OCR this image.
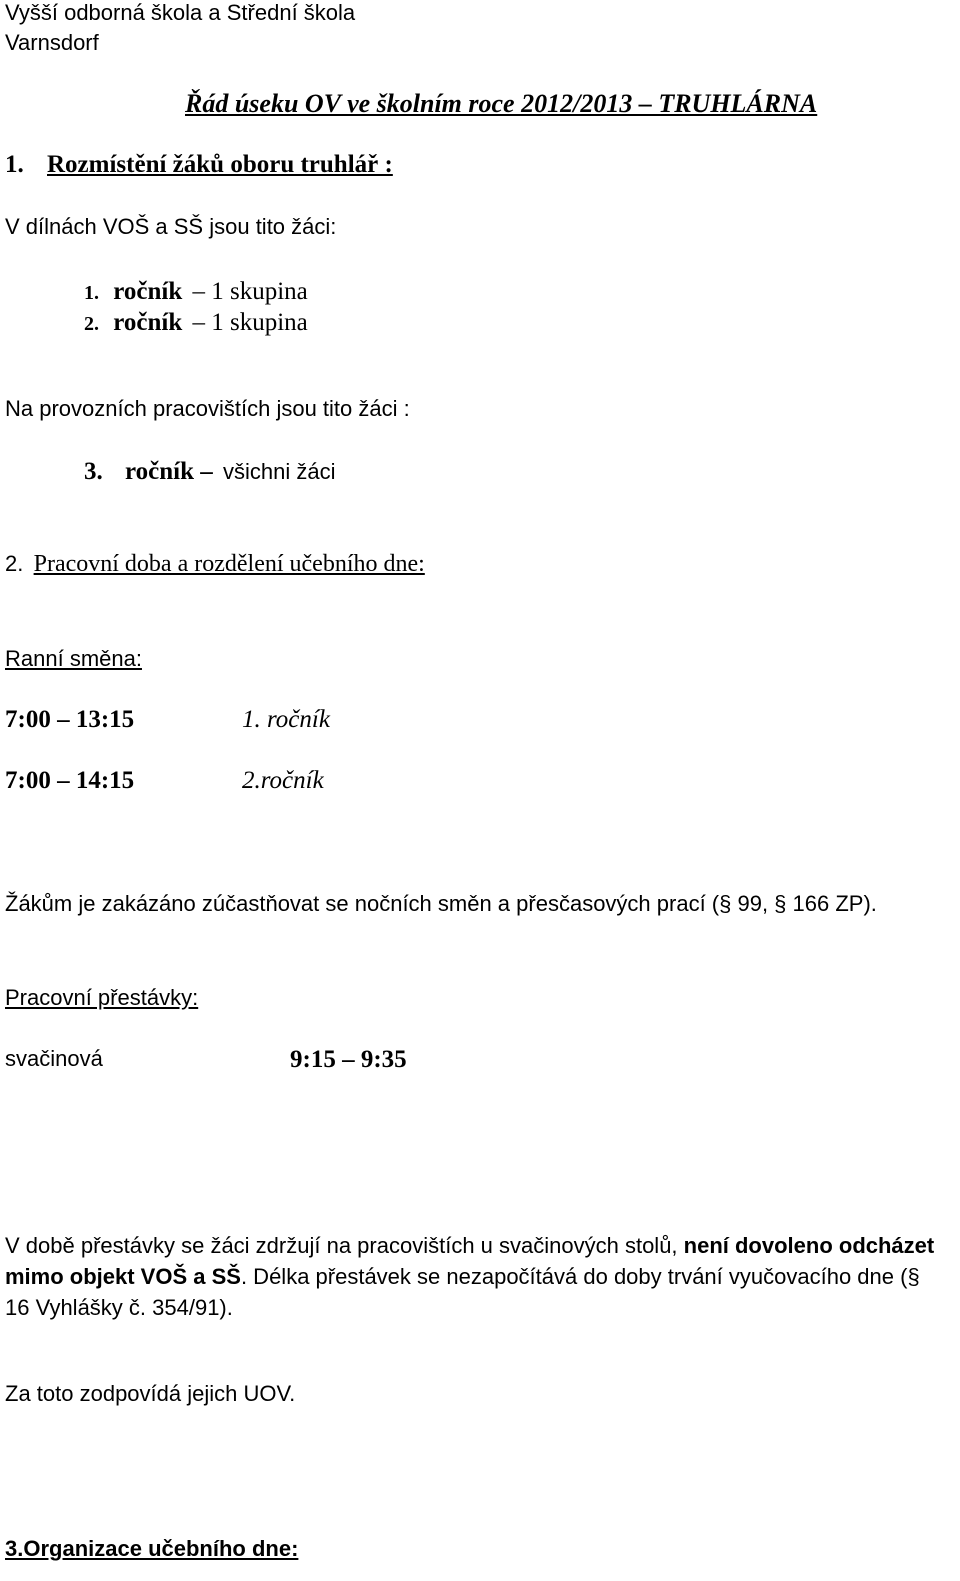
Vyšší odborná škola a Střední škola
Varnsdorf
Řád úseku OV ve školním roce 2012/2013 – TRUHLÁRNA
1. Rozmístění žáků oboru truhlář :
V dílnách VOŠ a SŠ jsou tito žáci:
1. ročník – 1 skupina
2. ročník – 1 skupina
Na provozních pracovištích jsou tito žáci :
3. ročník – všichni žáci
2. Pracovní doba a rozdělení učebního dne:
Ranní směna:
7:00 – 13:15	1. ročník
7:00 – 14:15	2.ročník
Žákům je zakázáno zúčastňovat se nočních směn a přesčasových prací (§ 99, § 166 ZP).
Pracovní přestávky:
svačinová	9:15 – 9:35
V době přestávky se žáci zdržují na pracovištích u svačinových stolů, není dovoleno odcházet mimo objekt VOŠ a SŠ. Délka přestávek se nezapočítává do doby trvání vyučovacího dne (§ 16 Vyhlášky č. 354/91).
Za toto zodpovídá jejich UOV.
3.Organizace učebního dne:
